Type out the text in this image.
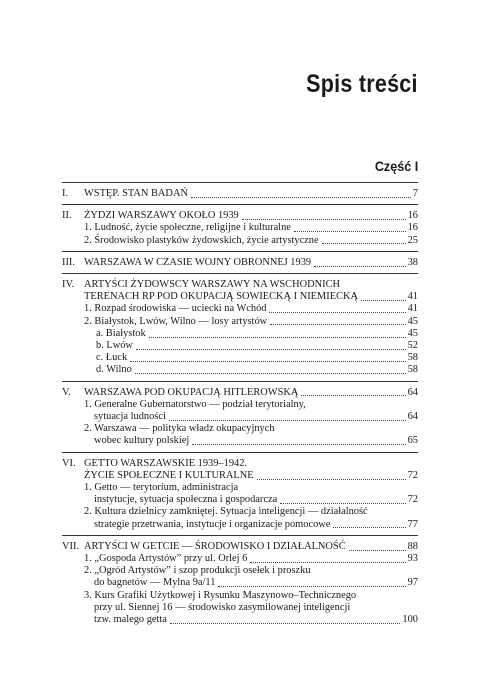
Spis treści
Część I
I.	WSTĘP. STAN BADAŃ	7
II.	ŻYDZI WARSZAWY OKOŁO 1939	16
1. Ludność, życie społeczne, religijne i kulturalne	16
2. Środowisko plastyków żydowskich, życie artystyczne	25
III. WARSZAWA W CZASIE WOJNY OBRONNEJ 1939	38
IV. ARTYŚCI ŻYDOWSCY WARSZAWY NA WSCHODNICH
TERENACH RP POD OKUPACJĄ SOWIECKĄ I NIEMIECKĄ	41
1. Rozpad środowiska — uciecki na Wchód	41
2. Białystok, Lwów, Wilno — losy artystów	45
a. Białystok	45
b. Lwów	52
c. Łuck	58
d. Wilno	58
V.	WARSZAWA POD OKUPACJĄ HITLEROWSKĄ	64
1. Generalne Gubernatorstwo — podział terytorialny,
sytuacja ludności	64
2. Warszawa — polityka władz okupacyjnych
wobec kultury polskiej	65
VI. GETTO WARSZAWSKIE 1939–1942.
ŻYCIE SPOŁECZNE I KULTURALNE	72
1. Getto — terytorium, administracja
instytucje, sytuacja społeczna i gospodarcza	72
2. Kultura dzielnicy zamkniętej. Sytuacja inteligencji — działalność
strategie przetrwania, instytucje i organizacje pomocowe	77
VII. ARTYŚCI W GETCIE — ŚRODOWISKO I DZIAŁALNOŚĆ	88
1. „Gospoda Artystów” przy ul. Orlej 6	93
2. „Ogród Artystów” i szop produkcji osełek i proszku
do bagnetów — Mylna 9a/11	97
3. Kurs Grafiki Użytkowej i Rysunku Maszynowo–Technicznego
przy ul. Siennej 16 — środowisko zasymilowanej inteligencji
tzw. malego getta	100
